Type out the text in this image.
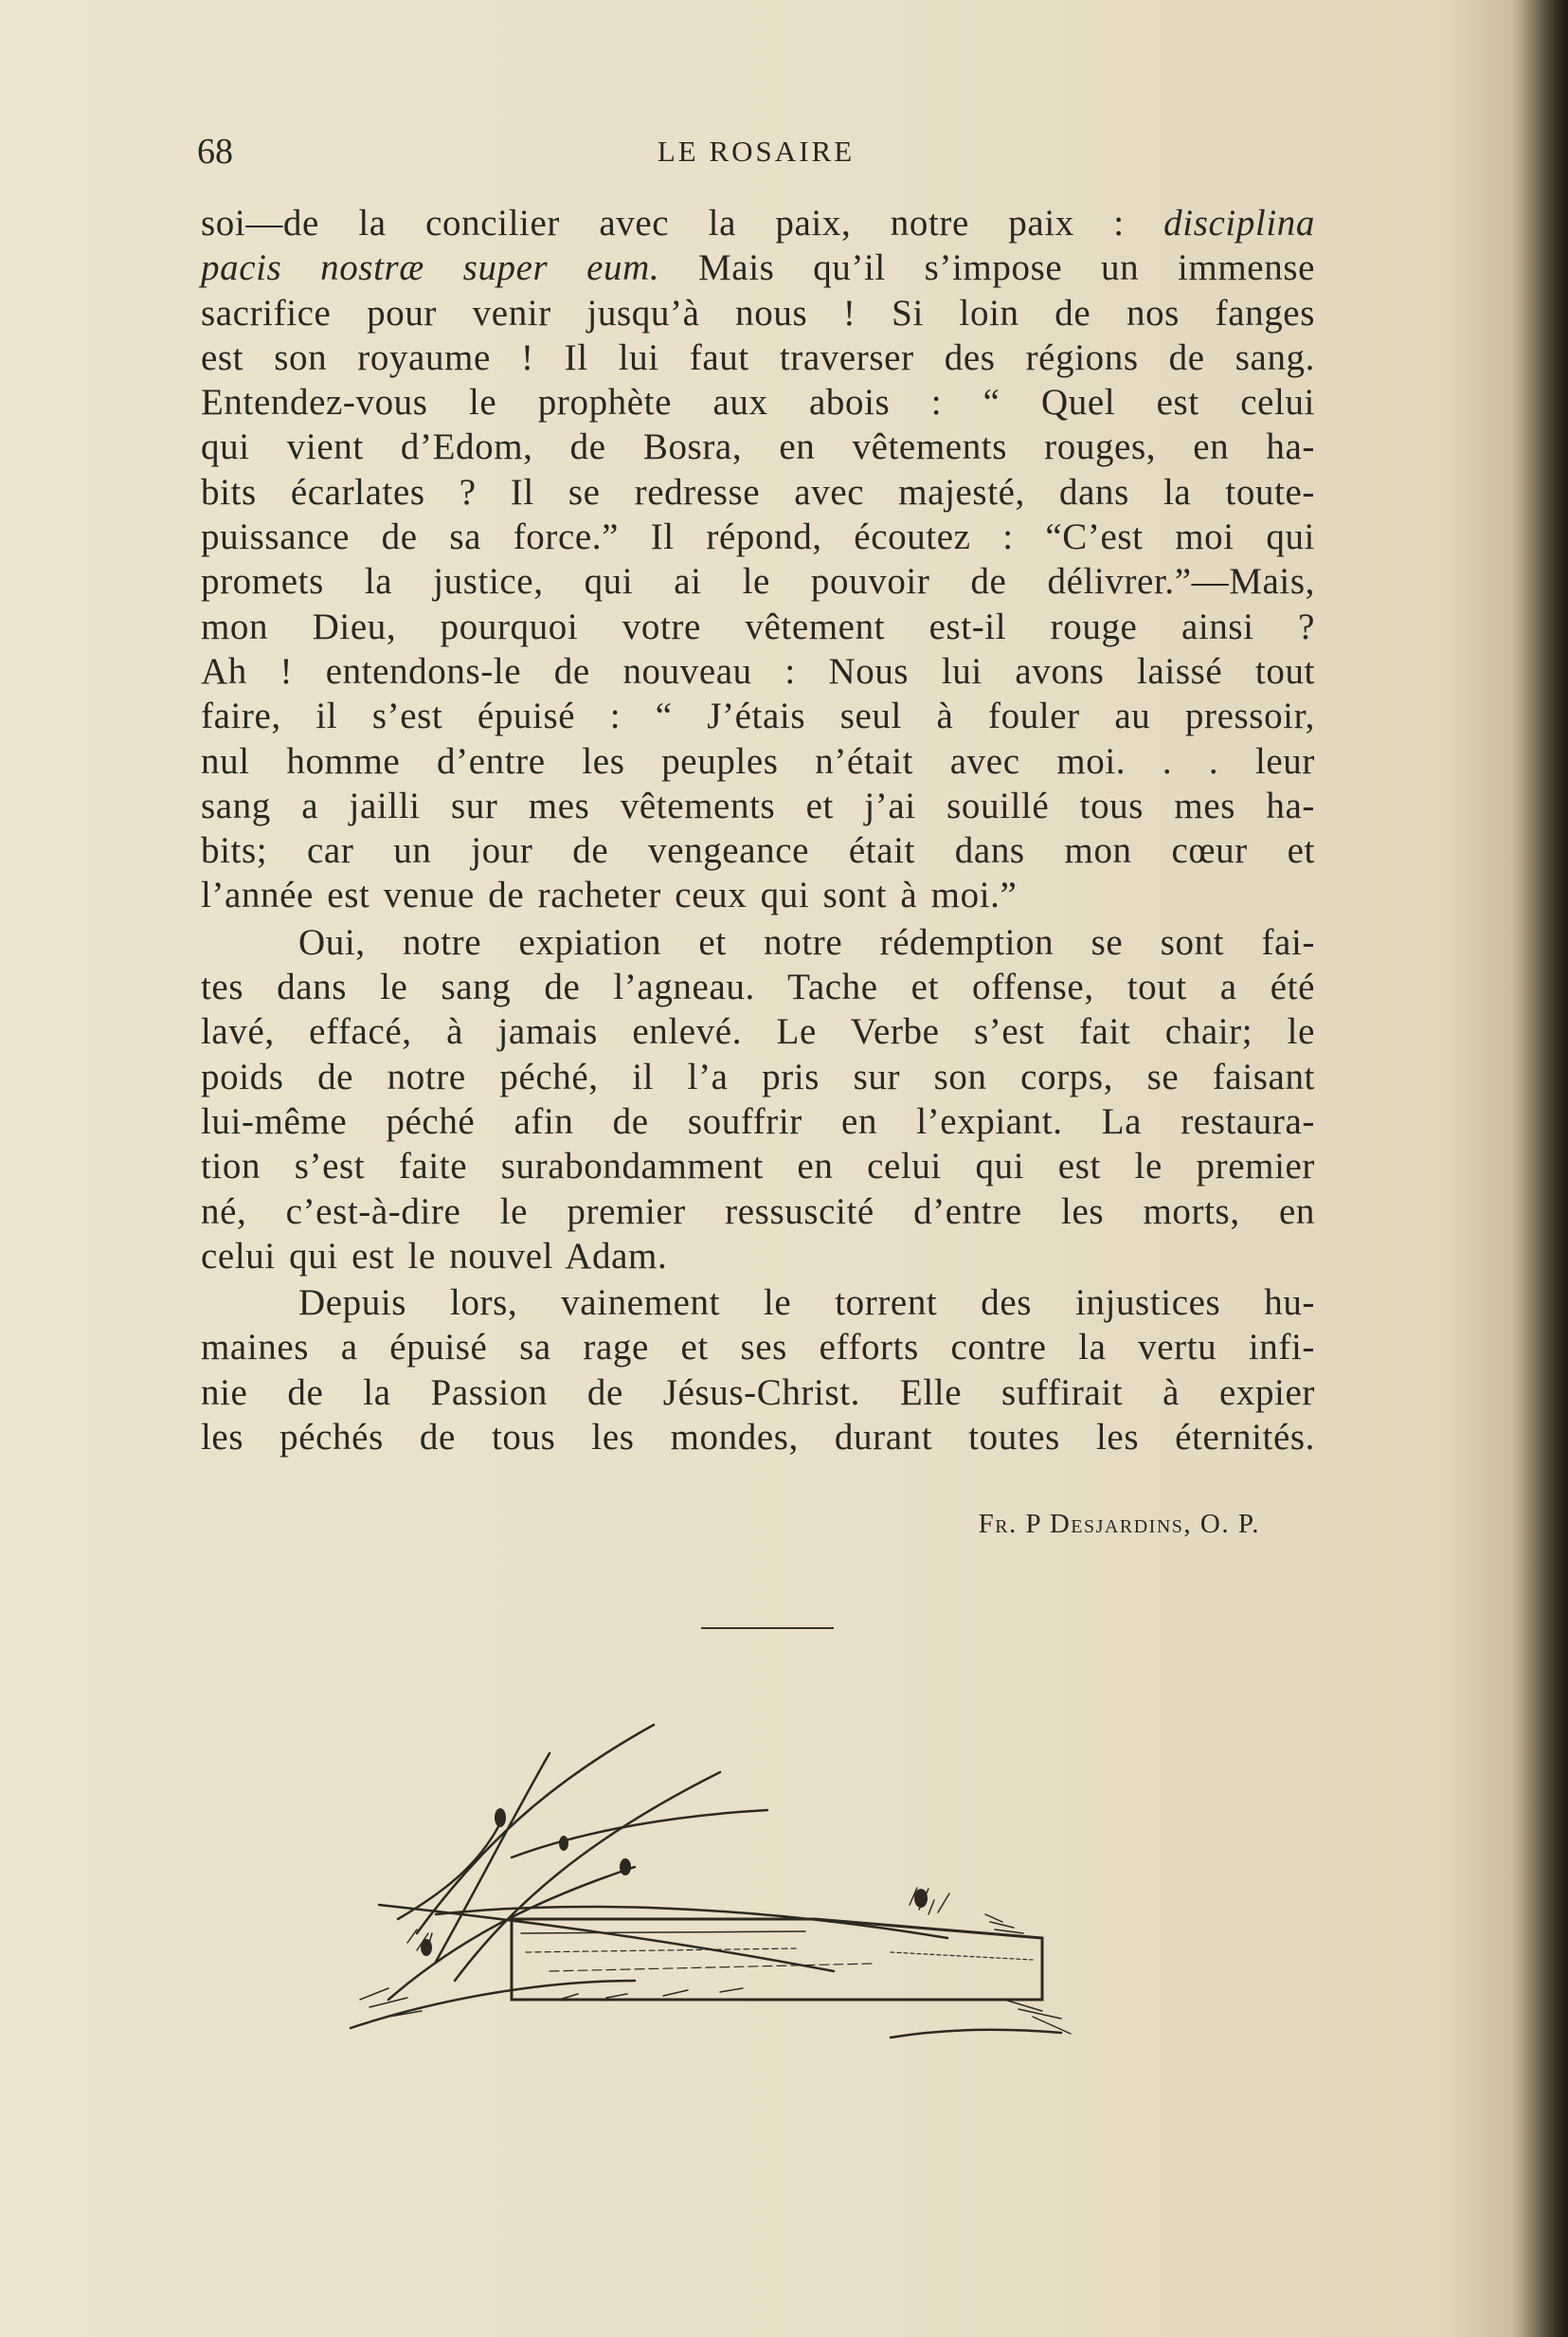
68	LE ROSAIRE
soi—de la concilier avec la paix, notre paix : disciplina
pacis nostræ super eum. Mais qu’il s’impose un immense
sacrifice pour venir jusqu’à nous ! Si loin de nos fanges
est son royaume ! Il lui faut traverser des régions de sang.
Entendez-vous le prophète aux abois : “ Quel est celui
qui vient d’Edom, de Bosra, en vêtements rouges, en ha-
bits écarlates ? Il se redresse avec majesté, dans la toute-
puissance de sa force.” Il répond, écoutez : “C’est moi qui
promets la justice, qui ai le pouvoir de délivrer.”—Mais,
mon Dieu, pourquoi votre vêtement est-il rouge ainsi ?
Ah ! entendons-le de nouveau : Nous lui avons laissé tout
faire, il s’est épuisé : “ J’étais seul à fouler au pressoir,
nul homme d’entre les peuples n’était avec moi. . . leur
sang a jailli sur mes vêtements et j’ai souillé tous mes ha-
bits; car un jour de vengeance était dans mon cœur et
l’année est venue de racheter ceux qui sont à moi.”
Oui, notre expiation et notre rédemption se sont fai-
tes dans le sang de l’agneau. Tache et offense, tout a été
lavé, effacé, à jamais enlevé. Le Verbe s’est fait chair; le
poids de notre péché, il l’a pris sur son corps, se faisant
lui-même péché afin de souffrir en l’expiant. La restaura-
tion s’est faite surabondamment en celui qui est le premier
né, c’est-à-dire le premier ressuscité d’entre les morts, en
celui qui est le nouvel Adam.
Depuis lors, vainement le torrent des injustices hu-
maines a épuisé sa rage et ses efforts contre la vertu infi-
nie de la Passion de Jésus-Christ. Elle suffirait à expier
les péchés de tous les mondes, durant toutes les éternités.
Fr. P Desjardins, O. P.
